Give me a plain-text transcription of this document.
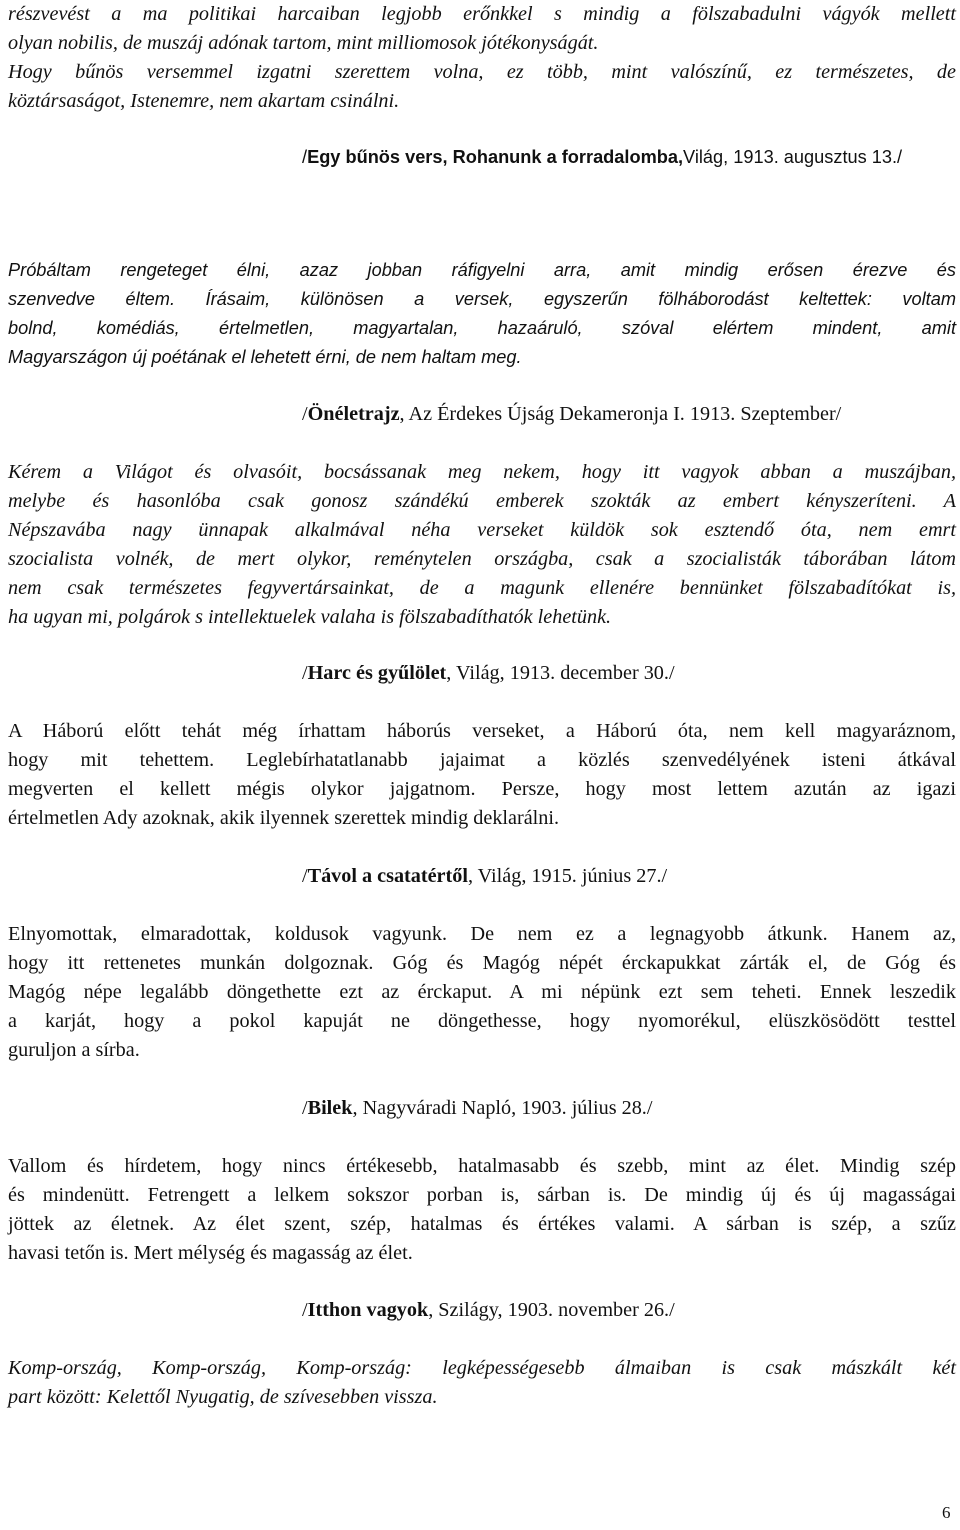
részvevést a ma politikai harcaiban legjobb erőnkkel s mindig a fölszabadulni vágyók mellett
olyan nobilis, de muszáj adónak tartom, mint milliomosok jótékonyságát.
Hogy bűnös versemmel izgatni szerettem volna, ez több, mint valószínű, ez természetes, de
köztársaságot, Istenemre, nem akartam csinálni.

/Egy bűnös vers, Rohanunk a forradalomba,Világ, 1913. augusztus 13./

Próbáltam rengeteget élni, azaz jobban ráfigyelni arra, amit mindig erősen érezve és
szenvedve éltem. Írásaim, különösen a versek, egyszerűn fölháborodást keltettek: voltam
bolnd, komédiás, értelmetlen, magyartalan, hazaáruló, szóval elértem mindent, amit
Magyarszágon új poétának el lehetett érni, de nem haltam meg.

/Önéletrajz, Az Érdekes Újság Dekameronja I. 1913. Szeptember/

Kérem a Világot és olvasóit, bocsássanak meg nekem, hogy itt vagyok abban a muszájban,
melybe és hasonlóba csak gonosz szándékú emberek szokták az embert kényszeríteni. A
Népszavába nagy ünnapak alkalmával néha verseket küldök sok esztendő óta, nem emrt
szocialista volnék, de mert olykor, reménytelen országba, csak a szocialisták táborában látom
nem csak természetes fegyvertársainkat, de a magunk ellenére bennünket fölszabadítókat is,
ha ugyan mi, polgárok s intellektuelek valaha is fölszabadíthatók lehetünk.

/Harc és gyűlölet, Világ, 1913. december 30./

A Háború előtt tehát még írhattam háborús verseket, a Háború óta, nem kell magyaráznom,
hogy mit tehettem. Leglebírhatatlanabb jajaimat a közlés szenvedélyének isteni átkával
megverten el kellett mégis olykor jajgatnom. Persze, hogy most lettem azután az igazi
értelmetlen Ady azoknak, akik ilyennek szerettek mindig deklarálni.

/Távol a csatatértől, Világ, 1915. június 27./

Elnyomottak, elmaradottak, koldusok vagyunk. De nem ez a legnagyobb átkunk. Hanem az,
hogy itt rettenetes munkán dolgoznak. Góg és Magóg népét érckapukkat zárták el, de Góg és
Magóg népe legalább döngethette ezt az érckaput. A mi népünk ezt sem teheti. Ennek leszedik
a karját, hogy a pokol kapuját ne döngethesse, hogy nyomorékul, elüszkösödött testtel
guruljon a sírba.

/Bilek, Nagyváradi Napló, 1903. július 28./

Vallom és hírdetem, hogy nincs értékesebb, hatalmasabb és szebb, mint az élet. Mindig szép
és mindenütt. Fetrengett a lelkem sokszor porban is, sárban is. De mindig új és új magasságai
jöttek az életnek. Az élet szent, szép, hatalmas és értékes valami. A sárban is szép, a szűz
havasi tetőn is. Mert mélység és magasság az élet.

/Itthon vagyok, Szilágy, 1903. november 26./

Komp-ország, Komp-ország, Komp-ország: legképességesebb álmaiban is csak mászkált két
part között: Kelettől Nyugatig, de szívesebben vissza.

6
